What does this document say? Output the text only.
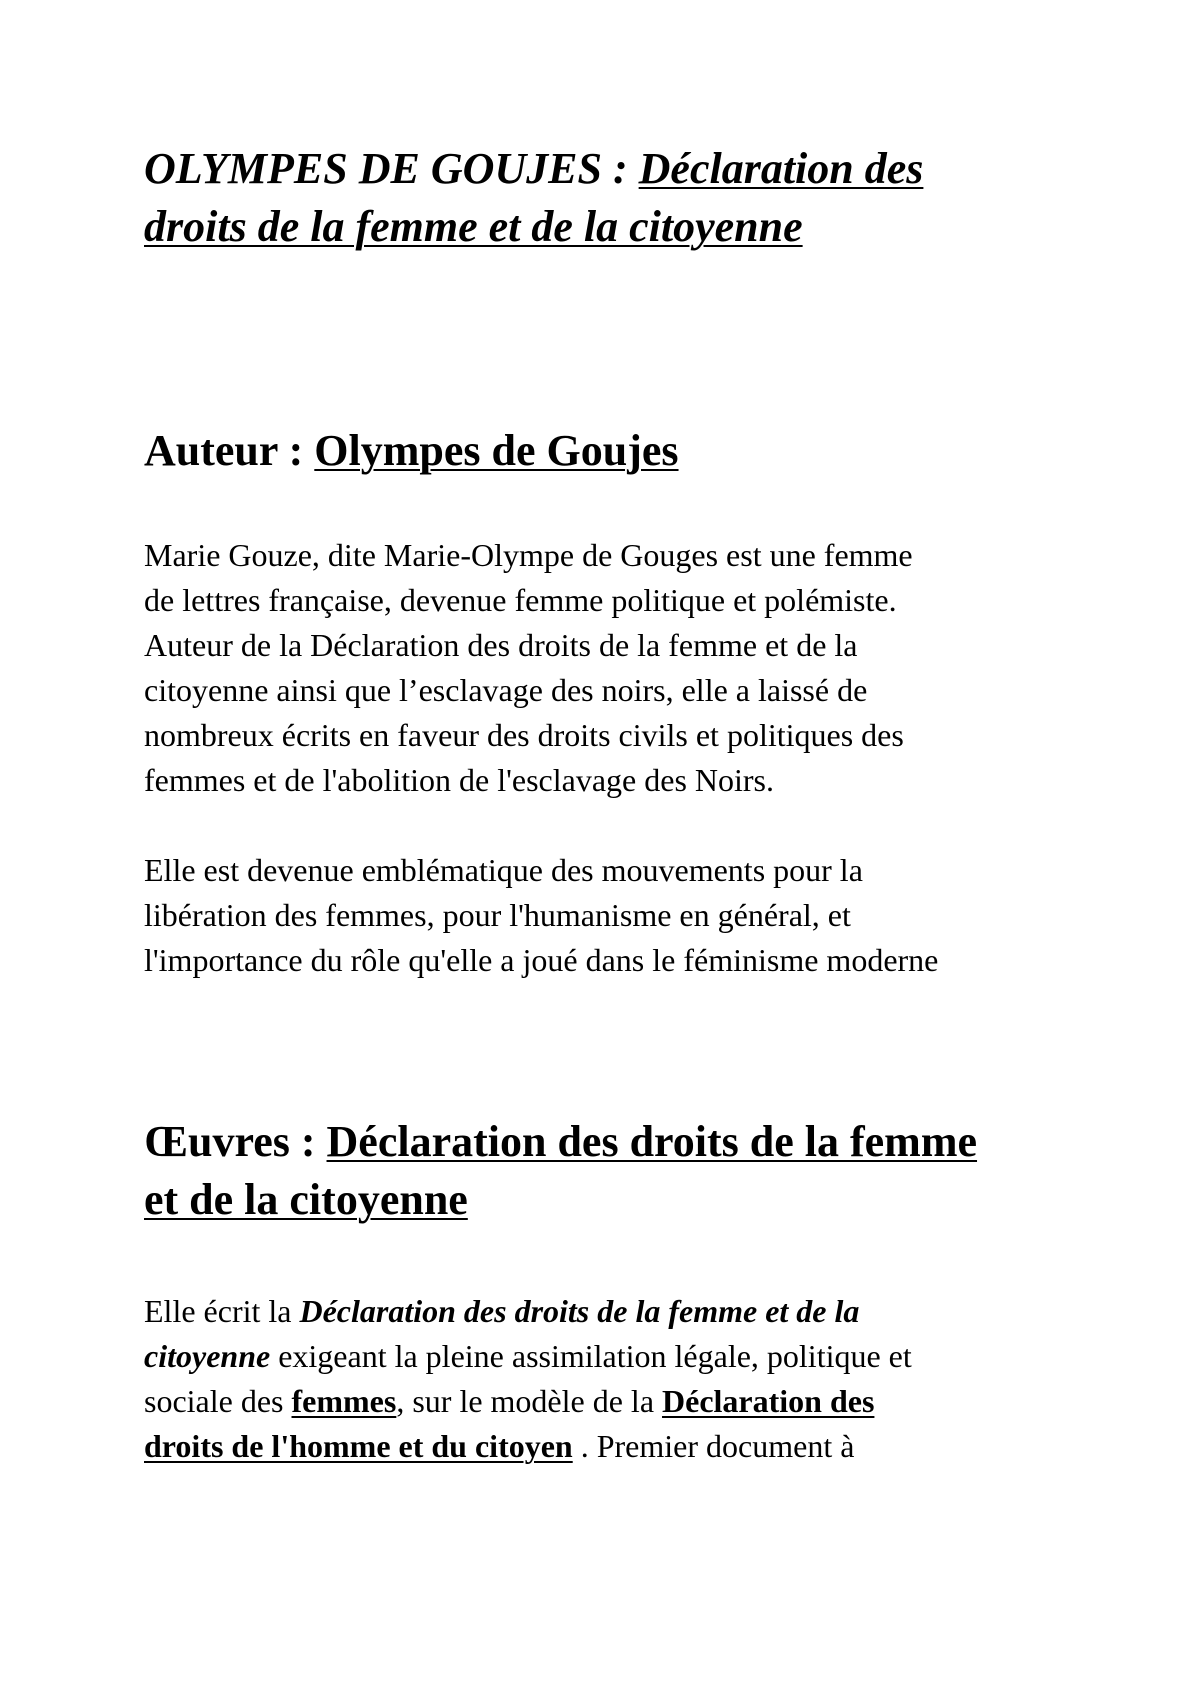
OLYMPES DE GOUJES : Déclaration des
droits de la femme et de la citoyenne
Auteur : Olympes de Goujes

Marie Gouze, dite Marie-Olympe de Gouges est une femme
de lettres française, devenue femme politique et polémiste.
Auteur de la Déclaration des droits de la femme et de la
citoyenne ainsi que l’esclavage des noirs, elle a laissé de
nombreux écrits en faveur des droits civils et politiques des
femmes et de l'abolition de l'esclavage des Noirs.

Elle est devenue emblématique des mouvements pour la
libération des femmes, pour l'humanisme en général, et
l'importance du rôle qu'elle a joué dans le féminisme moderne

Œuvres : Déclaration des droits de la femme
et de la citoyenne

Elle écrit la Déclaration des droits de la femme et de la
citoyenne exigeant la pleine assimilation légale, politique et
sociale des femmes, sur le modèle de la Déclaration des
droits de l'homme et du citoyen . Premier document à
